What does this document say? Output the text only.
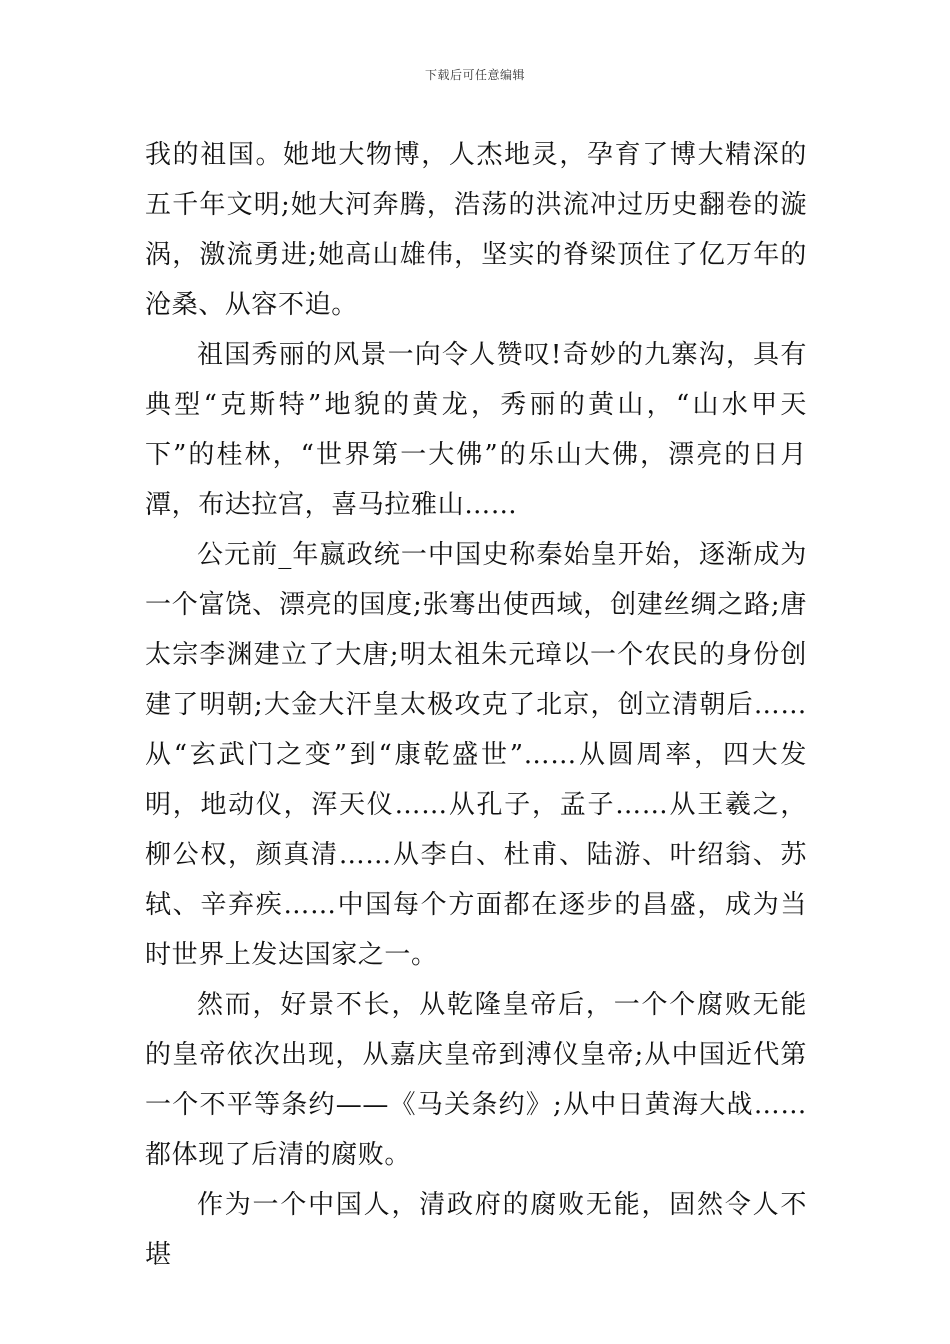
下载后可任意编辑

我的祖国。她地大物博，人杰地灵，孕育了博大精深的五千年文明;她大河奔腾，浩荡的洪流冲过历史翻卷的漩涡，激流勇进;她高山雄伟，坚实的脊梁顶住了亿万年的沧桑、从容不迫。

祖国秀丽的风景一向令人赞叹!奇妙的九寨沟，具有典型“克斯特”地貌的黄龙，秀丽的黄山，“山水甲天下”的桂林，“世界第一大佛”的乐山大佛，漂亮的日月潭，布达拉宫，喜马拉雅山……

公元前_年嬴政统一中国史称秦始皇开始，逐渐成为一个富饶、漂亮的国度;张骞出使西域，创建丝绸之路;唐太宗李渊建立了大唐;明太祖朱元璋以一个农民的身份创建了明朝;大金大汗皇太极攻克了北京，创立清朝后……从“玄武门之变”到“康乾盛世”……从圆周率，四大发明，地动仪，浑天仪……从孔子，孟子……从王羲之，柳公权，颜真清……从李白、杜甫、陆游、叶绍翁、苏轼、辛弃疾……中国每个方面都在逐步的昌盛，成为当时世界上发达国家之一。

然而，好景不长，从乾隆皇帝后，一个个腐败无能的皇帝依次出现，从嘉庆皇帝到溥仪皇帝;从中国近代第一个不平等条约——《马关条约》;从中日黄海大战……都体现了后清的腐败。

作为一个中国人，清政府的腐败无能，固然令人不堪
